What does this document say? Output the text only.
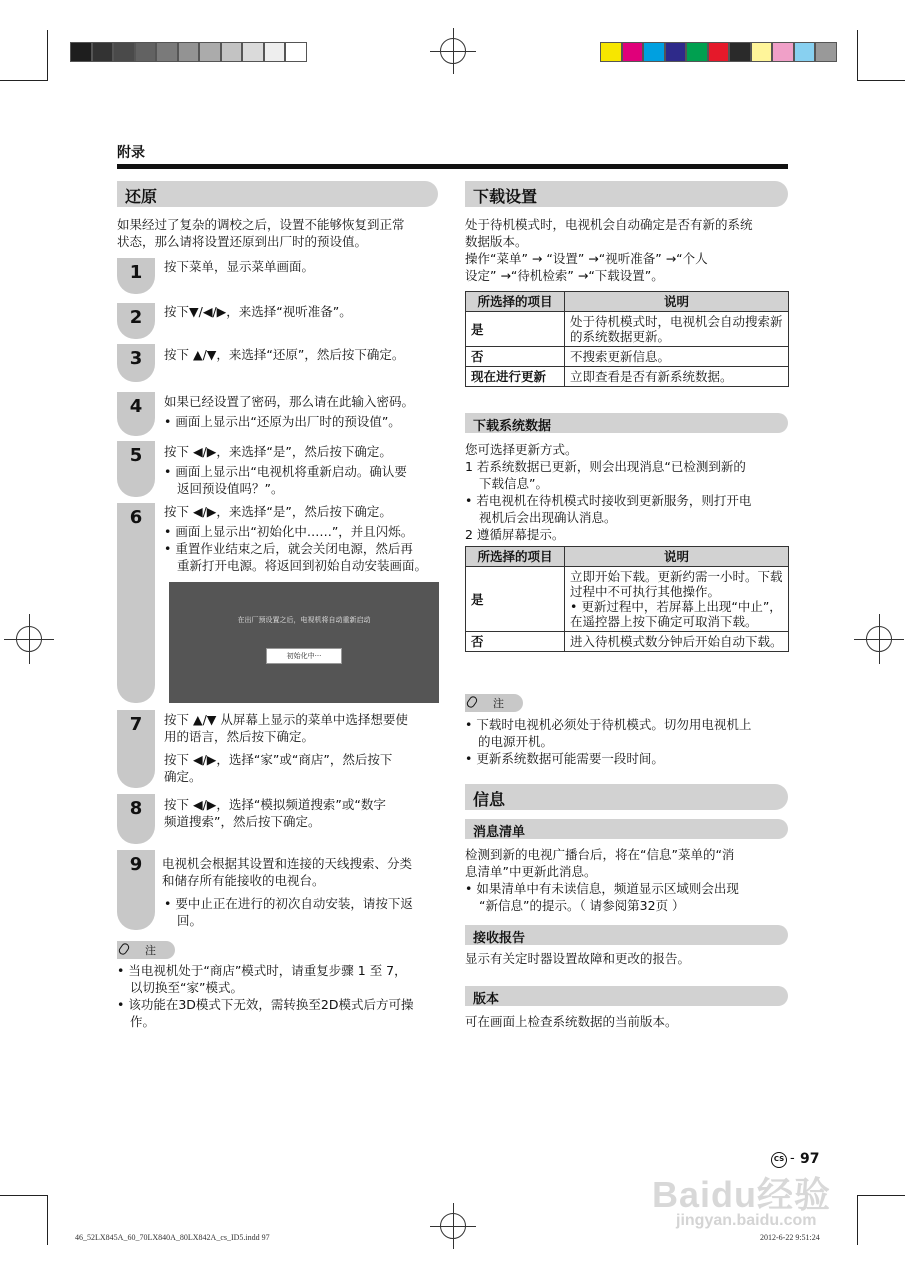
附录
还原
如果经过了复杂的调校之后，设置不能够恢复到正常
状态，那么请将设置还原到出厂时的预设值。
1
2
3
4
5
6
7
8
9
按下菜单，显示菜单画面。
按下▼/◀/▶，来选择“视听准备”。
按下 ▲/▼，来选择“还原”，然后按下确定。
如果已经设置了密码，那么请在此输入密码。
• 画面上显示出“还原为出厂时的预设值”。
按下 ◀/▶，来选择“是”，然后按下确定。
• 画面上显示出“电视机将重新启动。确认要
返回预设值吗？”。
按下 ◀/▶，来选择“是”，然后按下确定。
• 画面上显示出“初始化中……”，并且闪烁。
• 重置作业结束之后，就会关闭电源，然后再
重新打开电源。将返回到初始自动安装画面。
在出厂预设置之后，电视机将自动重新启动
初始化中···
按下 ▲/▼ 从屏幕上显示的菜单中选择想要使
用的语言，然后按下确定。
按下 ◀/▶，选择“家”或“商店”，然后按下
确定。
按下 ◀/▶，选择“模拟频道搜索”或“数字
频道搜索”，然后按下确定。
电视机会根据其设置和连接的天线搜索、分类
和储存所有能接收的电视台。
• 要中止正在进行的初次自动安装，请按下返
回。
注
• 当电视机处于“商店”模式时，请重复步骤 1 至 7，
以切换至“家”模式。
• 该功能在3D模式下无效，需转换至2D模式后方可操
作。
下载设置
处于待机模式时，电视机会自动确定是否有新的系统
数据版本。
操作“菜单” → “设置” →“视听准备” →“个人
设定” →“待机检索” →“下载设置”。
所选择的项目	说明
是	处于待机模式时，电视机会自动搜索新的系统数据更新。
否	不搜索更新信息。
现在进行更新	立即查看是否有新系统数据。
下载系统数据
您可选择更新方式。
1 若系统数据已更新，则会出现消息“已检测到新的
下载信息”。
• 若电视机在待机模式时接收到更新服务，则打开电
视机后会出现确认消息。
2 遵循屏幕提示。
所选择的项目	说明
是	立即开始下载。更新约需一小时。下载过程中不可执行其他操作。
• 更新过程中，若屏幕上出现“中止”，在遥控器上按下确定可取消下载。

否	进入待机模式数分钟后开始自动下载。
注
• 下载时电视机必须处于待机模式。切勿用电视机上
的电源开机。
• 更新系统数据可能需要一段时间。
信息
消息清单
检测到新的电视广播台后，将在“信息”菜单的“消
息清单”中更新此消息。
• 如果清单中有未读信息，频道显示区域则会出现
“新信息”的提示。（ 请参阅第32页 ）
接收报告
显示有关定时器设置故障和更改的报告。
版本
可在画面上检查系统数据的当前版本。
CS - 97
Baidu经验
jingyan.baidu.com
46_52LX845A_60_70LX840A_80LX842A_cs_ID5.indd 97	2012-6-22 9:51:24
